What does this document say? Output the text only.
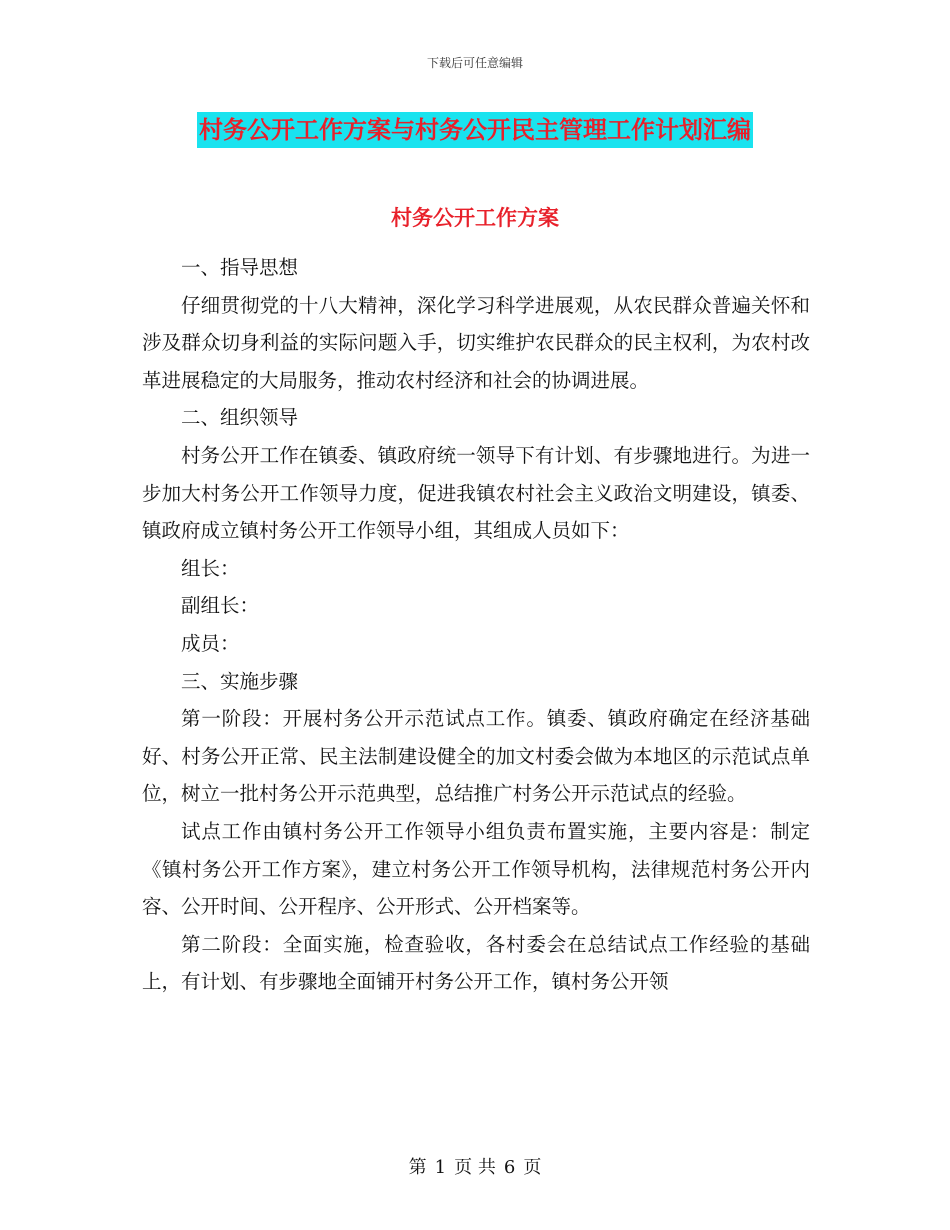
下载后可任意编辑
村务公开工作方案与村务公开民主管理工作计划汇编
村务公开工作方案

一、指导思想

仔细贯彻党的十八大精神，深化学习科学进展观，从农民群众普遍关怀和涉及群众切身利益的实际问题入手，切实维护农民群众的民主权利，为农村改革进展稳定的大局服务，推动农村经济和社会的协调进展。

二、组织领导

村务公开工作在镇委、镇政府统一领导下有计划、有步骤地进行。为进一步加大村务公开工作领导力度，促进我镇农村社会主义政治文明建设，镇委、镇政府成立镇村务公开工作领导小组，其组成人员如下：

组长：

副组长：

成员：

三、实施步骤

第一阶段：开展村务公开示范试点工作。镇委、镇政府确定在经济基础好、村务公开正常、民主法制建设健全的加文村委会做为本地区的示范试点单位，树立一批村务公开示范典型，总结推广村务公开示范试点的经验。

试点工作由镇村务公开工作领导小组负责布置实施，主要内容是：制定《镇村务公开工作方案》，建立村务公开工作领导机构，法律规范村务公开内容、公开时间、公开程序、公开形式、公开档案等。

第二阶段：全面实施，检查验收，各村委会在总结试点工作经验的基础上，有计划、有步骤地全面铺开村务公开工作，镇村务公开领

第 1 页 共 6 页
